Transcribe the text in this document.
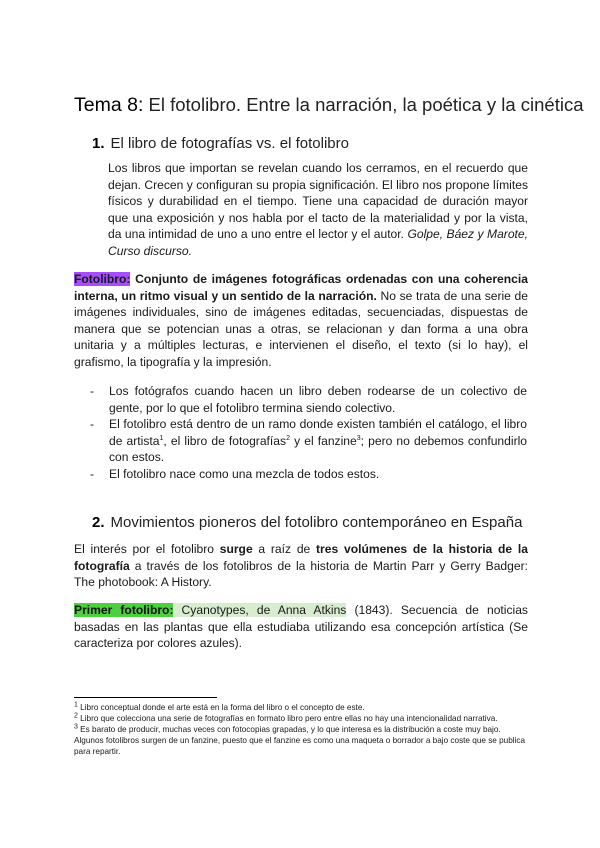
Tema 8: El fotolibro. Entre la narración, la poética y la cinética
1. El libro de fotografías vs. el fotolibro
Los libros que importan se revelan cuando los cerramos, en el recuerdo que dejan. Crecen y configuran su propia significación. El libro nos propone límites físicos y durabilidad en el tiempo. Tiene una capacidad de duración mayor que una exposición y nos habla por el tacto de la materialidad y por la vista, da una intimidad de uno a uno entre el lector y el autor. Golpe, Báez y Marote, Curso discurso.
Fotolibro: Conjunto de imágenes fotográficas ordenadas con una coherencia interna, un ritmo visual y un sentido de la narración. No se trata de una serie de imágenes individuales, sino de imágenes editadas, secuenciadas, dispuestas de manera que se potencian unas a otras, se relacionan y dan forma a una obra unitaria y a múltiples lecturas, e intervienen el diseño, el texto (si lo hay), el grafismo, la tipografía y la impresión.
- Los fotógrafos cuando hacen un libro deben rodearse de un colectivo de gente, por lo que el fotolibro termina siendo colectivo.
- El fotolibro está dentro de un ramo donde existen también el catálogo, el libro de artista$^1$, el libro de fotografías$^2$ y el fanzine$^3$; pero no debemos confundirlo con estos.
- El fotolibro nace como una mezcla de todos estos.
2. Movimientos pioneros del fotolibro contemporáneo en España
El interés por el fotolibro surge a raíz de tres volúmenes de la historia de la fotografía a través de los fotolibros de la historia de Martin Parr y Gerry Badger: The photobook: A History.
Primer fotolibro: Cyanotypes, de Anna Atkins (1843). Secuencia de noticias basadas en las plantas que ella estudiaba utilizando esa concepción artística (Se caracteriza por colores azules).
$^1$ Libro conceptual donde el arte está en la forma del libro o el concepto de este.
$^2$ Libro que colecciona una serie de fotografías en formato libro pero entre ellas no hay una intencionalidad narrativa.
$^3$ Es barato de producir, muchas veces con fotocopias grapadas, y lo que interesa es la distribución a coste muy bajo. Algunos fotolibros surgen de un fanzine, puesto que el fanzine es como una maqueta o borrador a bajo coste que se publica para repartir.
